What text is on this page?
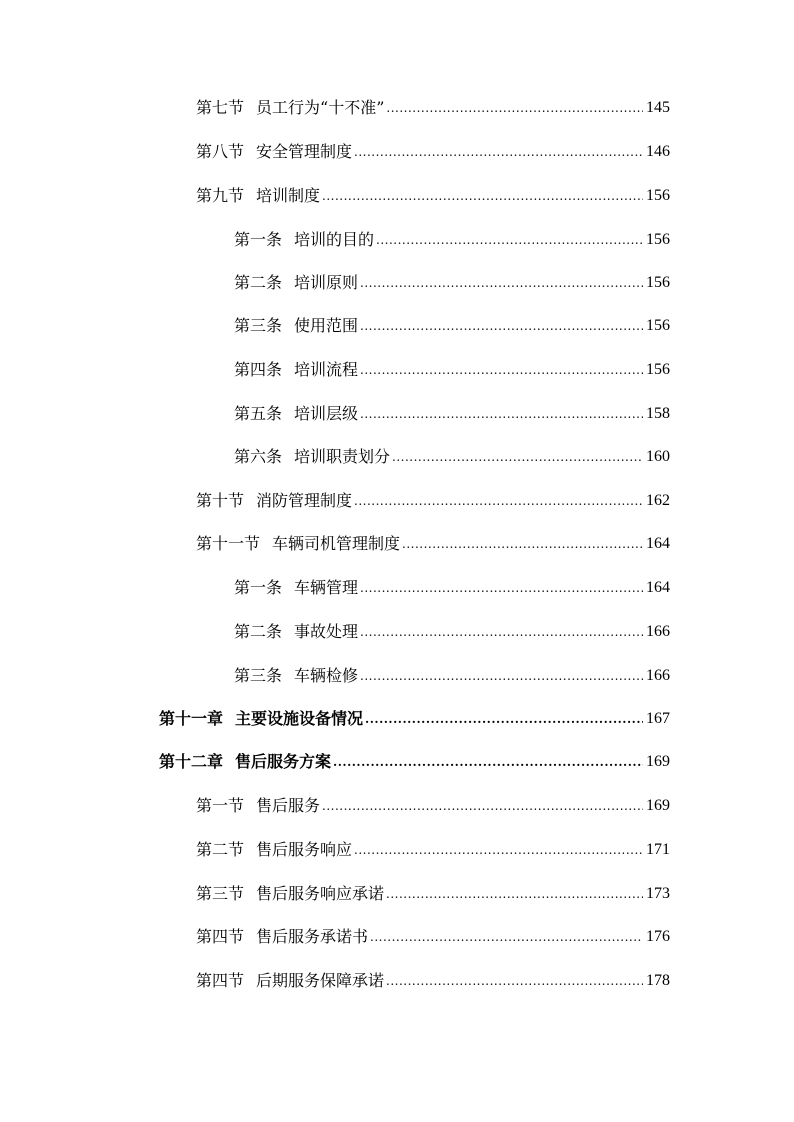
第七节 员工行为“十不准” .....	145
第八节 安全管理制度 .....	146
第九节 培训制度 .....	156
第一条 培训的目的 .....	156
第二条 培训原则 .....	156
第三条 使用范围 .....	156
第四条 培训流程 .....	156
第五条 培训层级 .....	158
第六条 培训职责划分 .....	160
第十节 消防管理制度 .....	162
第十一节 车辆司机管理制度 .....	164
第一条 车辆管理 .....	164
第二条 事故处理 .....	166
第三条 车辆检修 .....	166
第十一章 主要设施设备情况 .....	167
第十二章 售后服务方案 .....	169
第一节 售后服务 .....	169
第二节 售后服务响应 .....	171
第三节 售后服务响应承诺 .....	173
第四节 售后服务承诺书 .....	176
第四节 后期服务保障承诺 .....	178
